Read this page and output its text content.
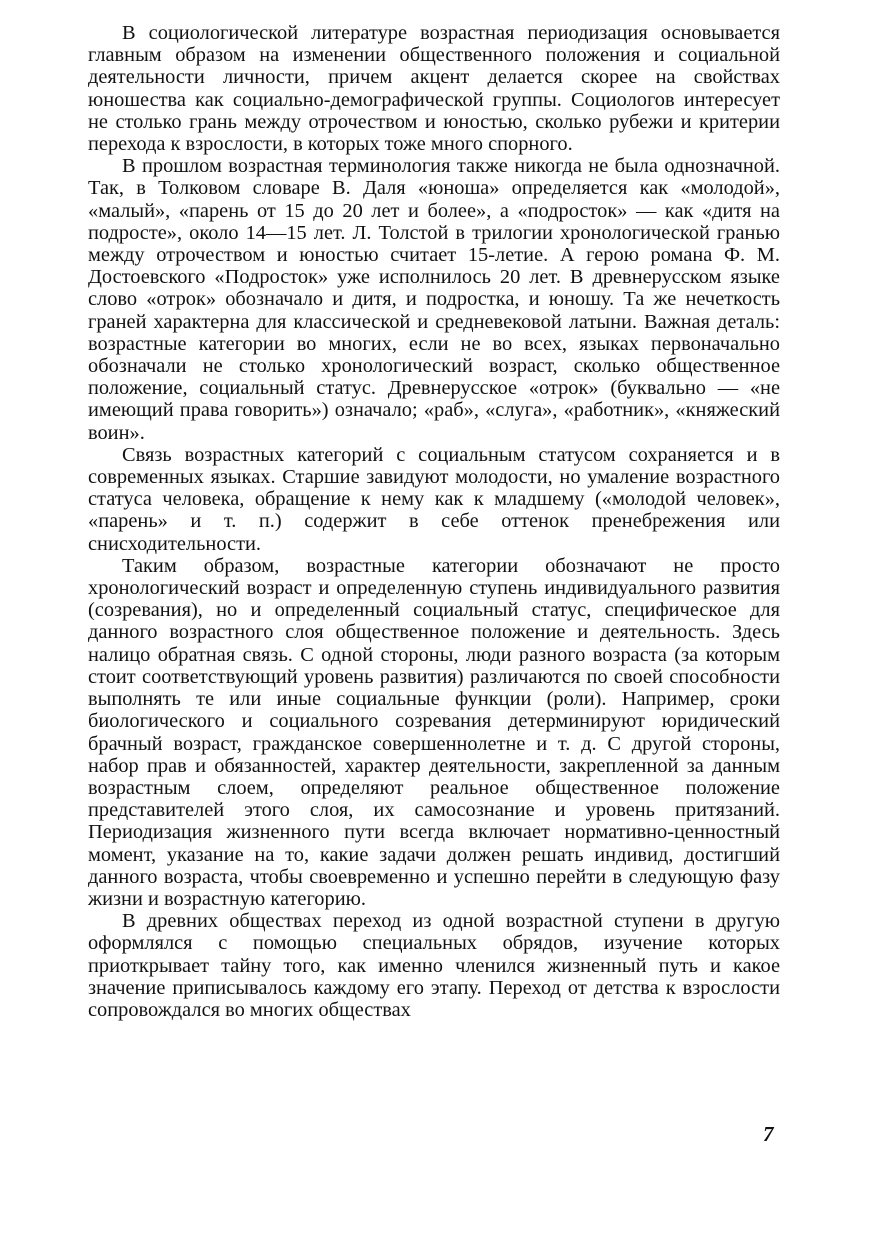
В социологической литературе возрастная периодизация основывается главным образом на изменении общественного положения и социальной деятельности личности, причем акцент делается скорее на свойствах юношества как социально-демографической группы. Социологов интересует не столько грань между отрочеством и юностью, сколько рубежи и критерии перехода к взрослости, в которых тоже много спорного.

В прошлом возрастная терминология также никогда не была однозначной. Так, в Толковом словаре В. Даля «юноша» определяется как «молодой», «малый», «парень от 15 до 20 лет и более», а «подросток» — как «дитя на подросте», около 14—15 лет. Л. Толстой в трилогии хронологической гранью между отрочеством и юностью считает 15-летие. А герою романа Ф. М. Достоевского «Подросток» уже исполнилось 20 лет. В древнерусском языке слово «отрок» обозначало и дитя, и подростка, и юношу. Та же нечеткость граней характерна для классической и средневековой латыни. Важная деталь: возрастные категории во многих, если не во всех, языках первоначально обозначали не столько хронологический возраст, сколько общественное положение, социальный статус. Древнерусское «отрок» (буквально — «не имеющий права говорить») означало; «раб», «слуга», «работник», «княжеский воин».

Связь возрастных категорий с социальным статусом сохраняется и в современных языках. Старшие завидуют молодости, но умаление возрастного статуса человека, обращение к нему как к младшему («молодой человек», «парень» и т. п.) содержит в себе оттенок пренебрежения или снисходительности.

Таким образом, возрастные категории обозначают не просто хронологический возраст и определенную ступень индивидуального развития (созревания), но и определенный социальный статус, специфическое для данного возрастного слоя общественное положение и деятельность. Здесь налицо обратная связь. С одной стороны, люди разного возраста (за которым стоит соответствующий уровень развития) различаются по своей способности выполнять те или иные социальные функции (роли). Например, сроки биологического и социального созревания детерминируют юридический брачный возраст, гражданское совершеннолетне и т. д. С другой стороны, набор прав и обязанностей, характер деятельности, закрепленной за данным возрастным слоем, определяют реальное общественное положение представителей этого слоя, их самосознание и уровень притязаний. Периодизация жизненного пути всегда включает нормативно-ценностный момент, указание на то, какие задачи должен решать индивид, достигший данного возраста, чтобы своевременно и успешно перейти в следующую фазу жизни и возрастную категорию.

В древних обществах переход из одной возрастной ступени в другую оформлялся с помощью специальных обрядов, изучение которых приоткрывает тайну того, как именно членился жизненный путь и какое значение приписывалось каждому его этапу. Переход от детства к взрослости сопровождался во многих обществах

7
